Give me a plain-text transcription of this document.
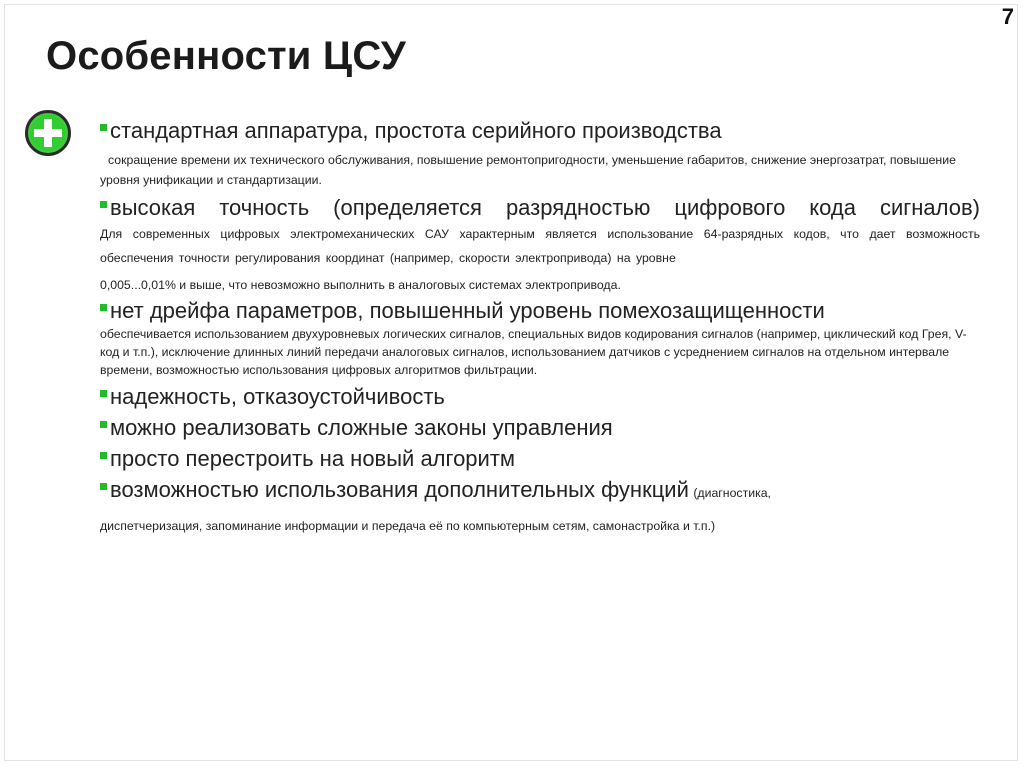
7
Особенности ЦСУ
стандартная аппаратура, простота серийного производства
сокращение времени их технического обслуживания, повышение ремонтопригодности, уменьшение габаритов, снижение энергозатрат, повышение уровня унификации и стандартизации.
высокая точность (определяется разрядностью цифрового кода сигналов) Для современных цифровых электромеханических САУ характерным является использование 64-разрядных кодов, что дает возможность обеспечения точности регулирования координат (например, скорости электропривода) на уровне
0,005...0,01% и выше, что невозможно выполнить в аналоговых системах электропривода.
нет дрейфа параметров, повышенный уровень помехозащищенности
обеспечивается использованием двухуровневых логических сигналов, специальных видов кодирования сигналов (например, циклический код Грея, V-код и т.п.), исключение длинных линий передачи аналоговых сигналов, использованием датчиков с усреднением сигналов на отдельном интервале времени, возможностью использования цифровых алгоритмов фильтрации.
надежность, отказоустойчивость
можно реализовать сложные законы управления
просто перестроить на новый алгоритм
возможностью использования дополнительных функций (диагностика,
диспетчеризация, запоминание информации и передача её по компьютерным сетям, самонастройка и т.п.)
